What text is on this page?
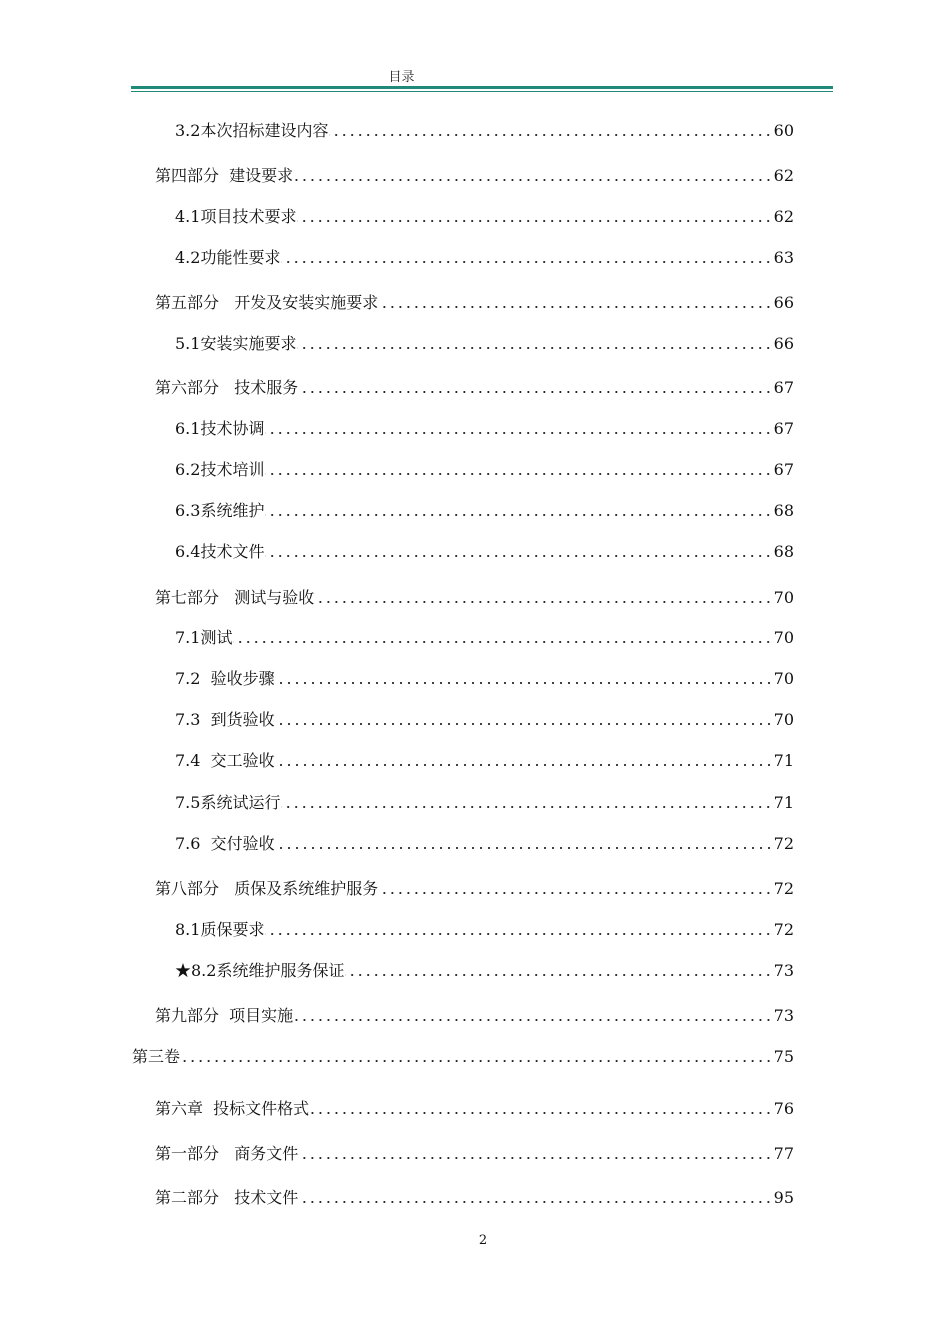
目录
3.2本次招标建设内容	60
第四部分  建设要求	62
4.1项目技术要求	62
4.2功能性要求	63
第五部分   开发及安装实施要求	66
5.1安装实施要求	66
第六部分   技术服务	67
6.1技术协调	67
6.2技术培训	67
6.3系统维护	68
6.4技术文件	68
第七部分   测试与验收	70
7.1测试	70
7.2  验收步骤	70
7.3  到货验收	70
7.4  交工验收	71
7.5系统试运行	71
7.6  交付验收	72
第八部分   质保及系统维护服务	72
8.1质保要求	72
★8.2系统维护服务保证	73
第九部分  项目实施	73
第三卷	75
第六章  投标文件格式	76
第一部分   商务文件	77
第二部分   技术文件	95
2
